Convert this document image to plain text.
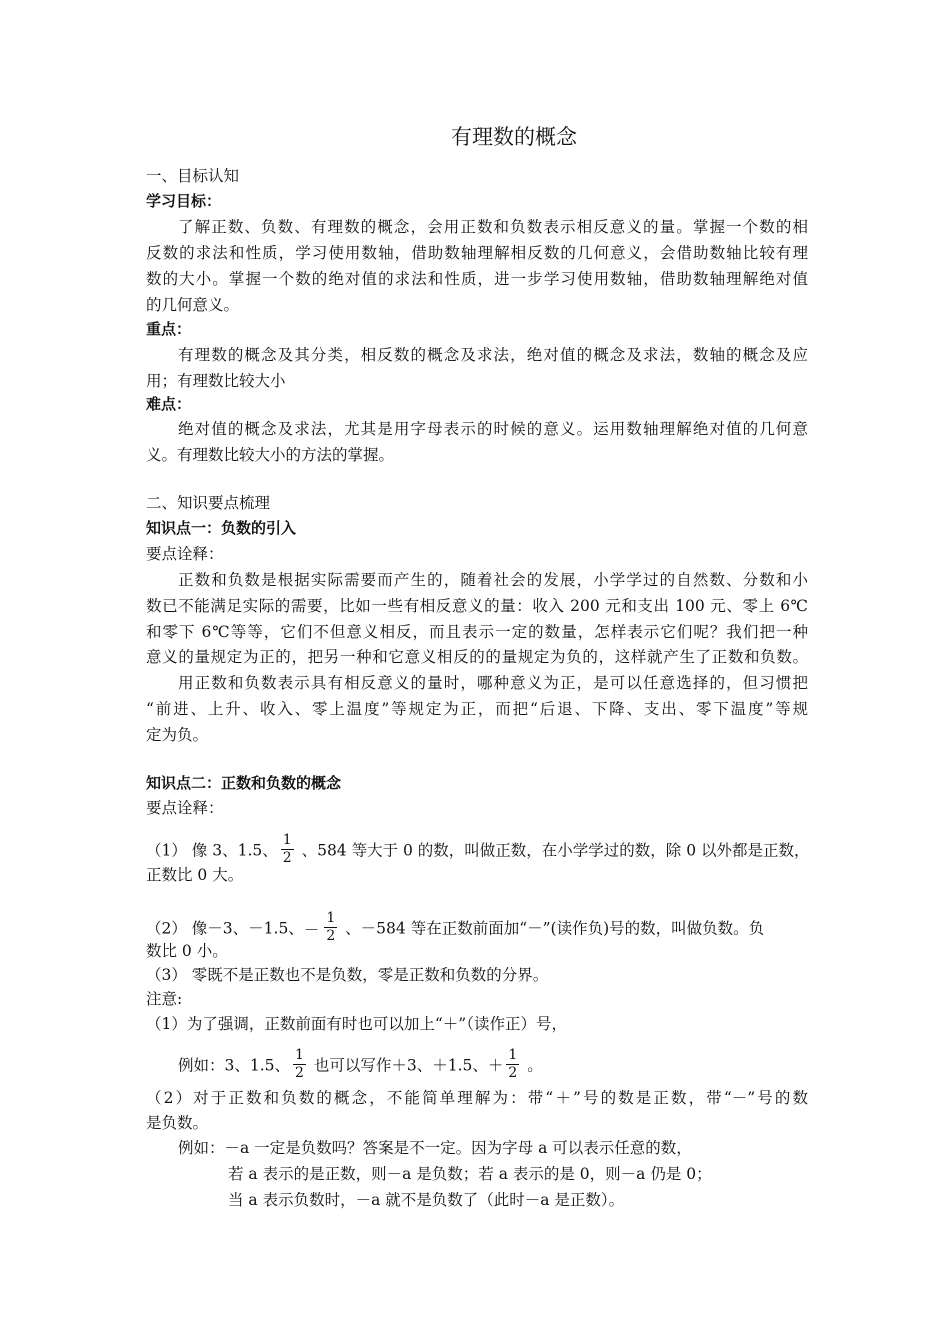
有理数的概念
一、目标认知
学习目标：
了解正数、负数、有理数的概念，会用正数和负数表示相反意义的量。掌握一个数的相
反数的求法和性质，学习使用数轴，借助数轴理解相反数的几何意义，会借助数轴比较有理
数的大小。掌握一个数的绝对值的求法和性质，进一步学习使用数轴，借助数轴理解绝对值
的几何意义。
重点：
有理数的概念及其分类，相反数的概念及求法，绝对值的概念及求法，数轴的概念及应
用；有理数比较大小
难点：
绝对值的概念及求法，尤其是用字母表示的时候的意义。运用数轴理解绝对值的几何意
义。有理数比较大小的方法的掌握。
二、知识要点梳理
知识点一：负数的引入
要点诠释：
正数和负数是根据实际需要而产生的，随着社会的发展，小学学过的自然数、分数和小
数已不能满足实际的需要，比如一些有相反意义的量：收入 200 元和支出 100 元、零上 6℃
和零下 6℃等等，它们不但意义相反，而且表示一定的数量，怎样表示它们呢？我们把一种
意义的量规定为正的，把另一种和它意义相反的的量规定为负的，这样就产生了正数和负数。
用正数和负数表示具有相反意义的量时，哪种意义为正，是可以任意选择的，但习惯把
“前进、上升、收入、零上温度”等规定为正，而把“后退、下降、支出、零下温度”等规
定为负。
知识点二：正数和负数的概念
要点诠释：
（1） 像 3、1.5、 $\frac{1}{2}$ 、584 等大于 0 的数，叫做正数，在小学学过的数，除 0 以外都是正数，
正数比 0 大。
（2） 像－3、－1.5、－ $\frac{1}{2}$ 、－584 等在正数前面加“－”(读作负)号的数，叫做负数。负
数比 0 小。
（3） 零既不是正数也不是负数，零是正数和负数的分界。
注意:
（1）为了强调，正数前面有时也可以加上“＋”（读作正）号，
例如：3、1.5、 $\frac{1}{2}$ 也可以写作＋3、＋1.5、＋ $\frac{1}{2}$ 。
（2）对于正数和负数的概念，不能简单理解为：带“＋”号的数是正数，带“－”号的数
是负数。
例如：－a 一定是负数吗？答案是不一定。因为字母 a 可以表示任意的数，
若 a 表示的是正数，则－a 是负数；若 a 表示的是 0，则－a 仍是 0；
当 a 表示负数时，－a 就不是负数了（此时－a 是正数）。
